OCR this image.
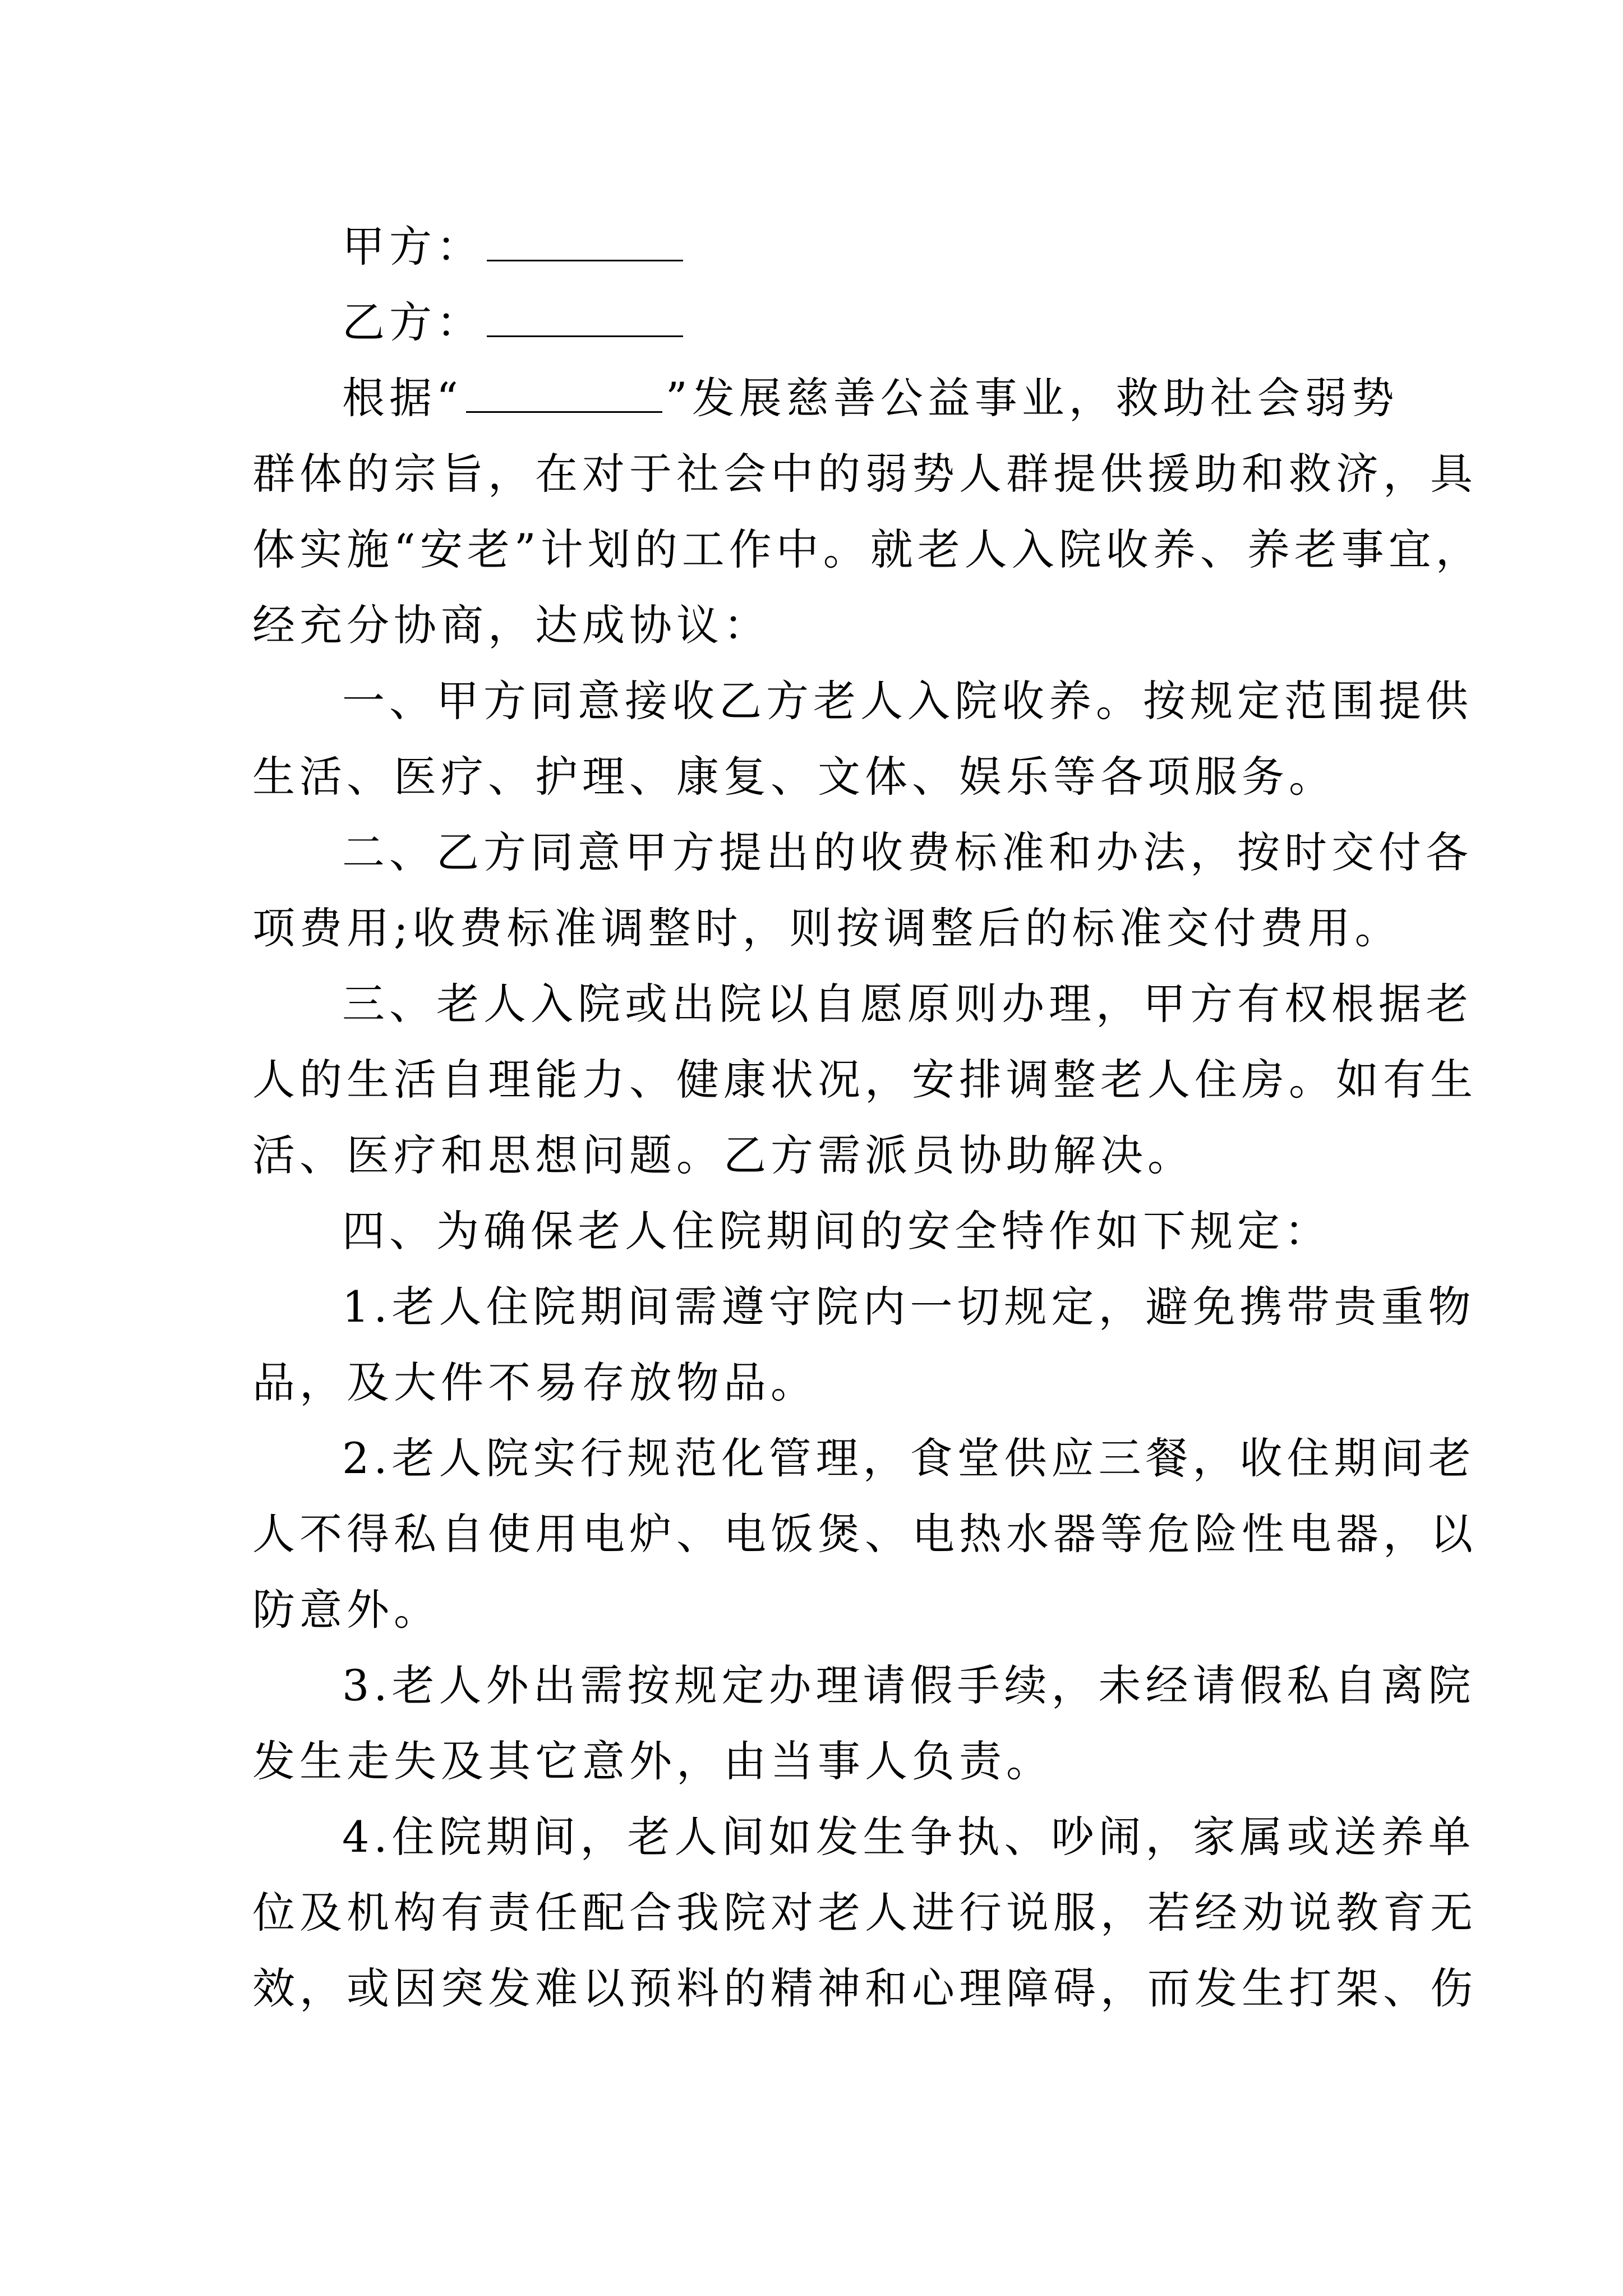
甲方：
乙方：
根据“	”发展慈善公益事业，救助社会弱势
群体的宗旨，在对于社会中的弱势人群提供援助和救济，具
体实施“安老”计划的工作中。就老人入院收养、养老事宜，
经充分协商，达成协议：
一、甲方同意接收乙方老人入院收养。按规定范围提供
生活、医疗、护理、康复、文体、娱乐等各项服务。
二、乙方同意甲方提出的收费标准和办法，按时交付各
项费用;收费标准调整时，则按调整后的标准交付费用。
三、老人入院或出院以自愿原则办理，甲方有权根据老
人的生活自理能力、健康状况，安排调整老人住房。如有生
活、医疗和思想问题。乙方需派员协助解决。
四、为确保老人住院期间的安全特作如下规定：
1.老人住院期间需遵守院内一切规定，避免携带贵重物
品，及大件不易存放物品。
2.老人院实行规范化管理，食堂供应三餐，收住期间老
人不得私自使用电炉、电饭煲、电热水器等危险性电器，以
防意外。
3.老人外出需按规定办理请假手续，未经请假私自离院
发生走失及其它意外，由当事人负责。
4.住院期间，老人间如发生争执、吵闹，家属或送养单
位及机构有责任配合我院对老人进行说服，若经劝说教育无
效，或因突发难以预料的精神和心理障碍，而发生打架、伤
